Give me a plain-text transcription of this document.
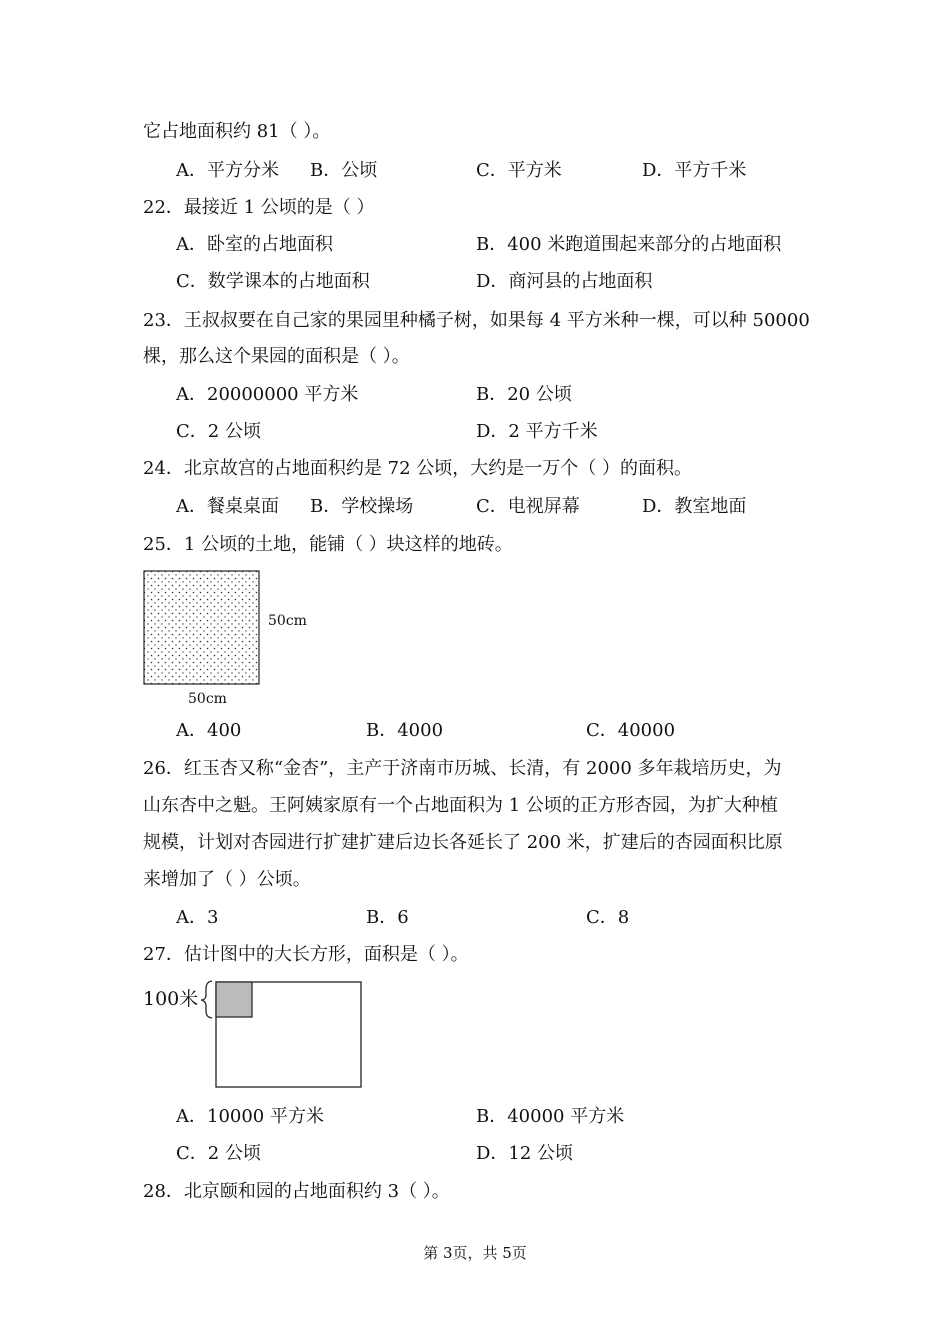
它占地面积约 81（ ）。
A．平方分米 B．公顷	C．平方米	D．平方千米
22．最接近 1 公顷的是（ ）
A．卧室的占地面积	B．400 米跑道围起来部分的占地面积
C．数学课本的占地面积	D．商河县的占地面积
23．王叔叔要在自己家的果园里种橘子树，如果每 4 平方米种一棵，可以种 50000
棵，那么这个果园的面积是（ ）。
A．20000000 平方米	B．20 公顷
C．2 公顷	D．2 平方千米
24．北京故宫的占地面积约是 72 公顷，大约是一万个（ ）的面积。
A．餐桌桌面 B．学校操场	C．电视屏幕	D．教室地面
25．1 公顷的土地，能铺（ ）块这样的地砖。
50cm
50cm
A．400	B．4000	C．40000
26．红玉杏又称“金杏”，主产于济南市历城、长清，有 2000 多年栽培历史，为
山东杏中之魁。王阿姨家原有一个占地面积为 1 公顷的正方形杏园，为扩大种植
规模，计划对杏园进行扩建扩建后边长各延长了 200 米，扩建后的杏园面积比原
来增加了（ ）公顷。
A．3	B．6	C．8
27．估计图中的大长方形，面积是（ ）。
100米
A．10000 平方米	B．40000 平方米
C．2 公顷	D．12 公顷
28．北京颐和园的占地面积约 3（ ）。
第 3页，共 5页
